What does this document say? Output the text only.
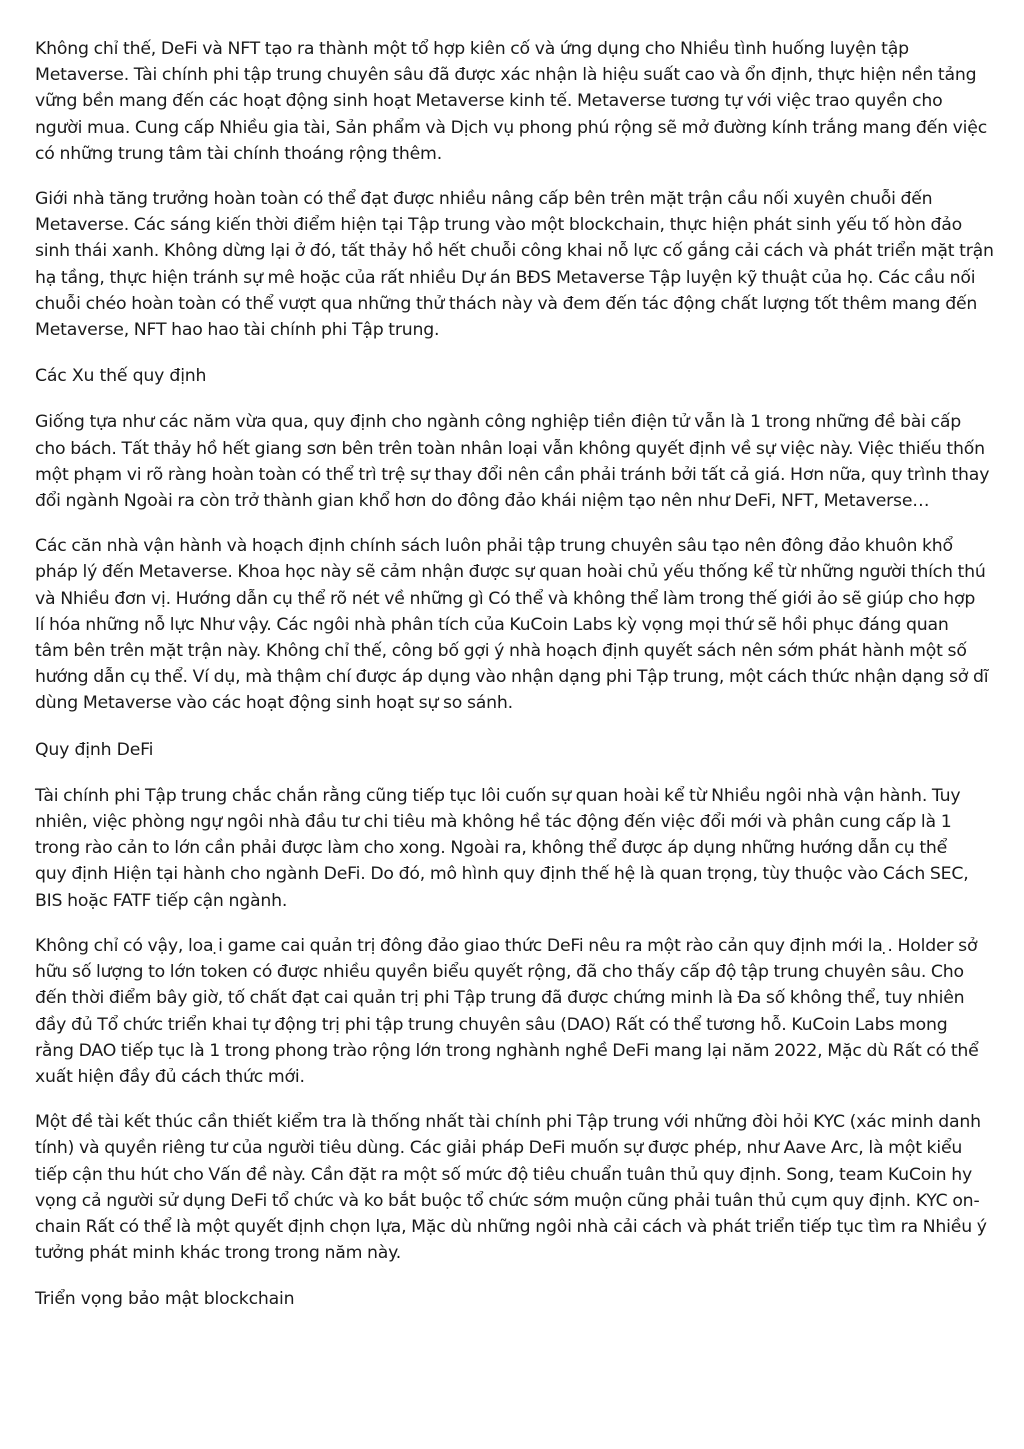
Không chỉ thế, DeFi và NFT tạo ra thành một tổ hợp kiên cố và ứng dụng cho Nhiều tình huống luyện tập
Metaverse. Tài chính phi tập trung chuyên sâu đã được xác nhận là hiệu suất cao và ổn định, thực hiện nền tảng
vững bền mang đến các hoạt động sinh hoạt Metaverse kinh tế. Metaverse tương tự với việc trao quyền cho
người mua. Cung cấp Nhiều gia tài, Sản phẩm và Dịch vụ phong phú rộng sẽ mở đường kính trắng mang đến việc
có những trung tâm tài chính thoáng rộng thêm.

Giới nhà tăng trưởng hoàn toàn có thể đạt được nhiều nâng cấp bên trên mặt trận cầu nối xuyên chuỗi đến
Metaverse. Các sáng kiến thời điểm hiện tại Tập trung vào một blockchain, thực hiện phát sinh yếu tố hòn đảo
sinh thái xanh. Không dừng lại ở đó, tất thảy hồ hết chuỗi công khai nỗ lực cố gắng cải cách và phát triển mặt trận
hạ tầng, thực hiện tránh sự mê hoặc của rất nhiều Dự án BĐS Metaverse Tập luyện kỹ thuật của họ. Các cầu nối
chuỗi chéo hoàn toàn có thể vượt qua những thử thách này và đem đến tác động chất lượng tốt thêm mang đến
Metaverse, NFT hao hao tài chính phi Tập trung.

Các Xu thế quy định

Giống tựa như các năm vừa qua, quy định cho ngành công nghiệp tiền điện tử vẫn là 1 trong những đề bài cấp
cho bách. Tất thảy hồ hết giang sơn bên trên toàn nhân loại vẫn không quyết định về sự việc này. Việc thiếu thốn
một phạm vi rõ ràng hoàn toàn có thể trì trệ sự thay đổi nên cần phải tránh bởi tất cả giá. Hơn nữa, quy trình thay
đổi ngành Ngoài ra còn trở thành gian khổ hơn do đông đảo khái niệm tạo nên như DeFi, NFT, Metaverse…

Các căn nhà vận hành và hoạch định chính sách luôn phải tập trung chuyên sâu tạo nên đông đảo khuôn khổ
pháp lý đến Metaverse. Khoa học này sẽ cảm nhận được sự quan hoài chủ yếu thống kể từ những người thích thú
và Nhiều đơn vị. Hướng dẫn cụ thể rõ nét về những gì Có thể và không thể làm trong thế giới ảo sẽ giúp cho hợp
lí hóa những nỗ lực Như vậy. Các ngôi nhà phân tích của KuCoin Labs kỳ vọng mọi thứ sẽ hồi phục đáng quan
tâm bên trên mặt trận này. Không chỉ thế, công bố gợi ý nhà hoạch định quyết sách nên sớm phát hành một số
hướng dẫn cụ thể. Ví dụ, mà thậm chí được áp dụng vào nhận dạng phi Tập trung, một cách thức nhận dạng sở dĩ
dùng Metaverse vào các hoạt động sinh hoạt sự so sánh.

Quy định DeFi

Tài chính phi Tập trung chắc chắn rằng cũng tiếp tục lôi cuốn sự quan hoài kể từ Nhiều ngôi nhà vận hành. Tuy
nhiên, việc phòng ngự ngôi nhà đầu tư chi tiêu mà không hề tác động đến việc đổi mới và phân cung cấp là 1
trong rào cản to lớn cần phải được làm cho xong. Ngoài ra, không thể được áp dụng những hướng dẫn cụ thể
quy định Hiện tại hành cho ngành DeFi. Do đó, mô hình quy định thế hệ là quan trọng, tùy thuộc vào Cách SEC,
BIS hoặc FATF tiếp cận ngành.

Không chỉ có vậy, loa ̣i game cai quản trị đông đảo giao thức DeFi nêu ra một rào cản quy định mới la ̣. Holder sở
hữu số lượng to lớn token có được nhiều quyền biểu quyết rộng, đã cho thấy cấp độ tập trung chuyên sâu. Cho
đến thời điểm bây giờ, tố chất đạt cai quản trị phi Tập trung đã được chứng minh là Đa số không thể, tuy nhiên
đầy đủ Tổ chức triển khai tự động trị phi tập trung chuyên sâu (DAO) Rất có thể tương hỗ. KuCoin Labs mong
rằng DAO tiếp tục là 1 trong phong trào rộng lớn trong nghành nghề DeFi mang lại năm 2022, Mặc dù Rất có thể
xuất hiện đầy đủ cách thức mới.

Một đề tài kết thúc cần thiết kiểm tra là thống nhất tài chính phi Tập trung với những đòi hỏi KYC (xác minh danh
tính) và quyền riêng tư của người tiêu dùng. Các giải pháp DeFi muốn sự được phép, như Aave Arc, là một kiểu
tiếp cận thu hút cho Vấn đề này. Cần đặt ra một số mức độ tiêu chuẩn tuân thủ quy định. Song, team KuCoin hy
vọng cả người sử dụng DeFi tổ chức và ko bắt buộc tổ chức sớm muộn cũng phải tuân thủ cụm quy định. KYC on-
chain Rất có thể là một quyết định chọn lựa, Mặc dù những ngôi nhà cải cách và phát triển tiếp tục tìm ra Nhiều ý
tưởng phát minh khác trong trong năm này.

Triển vọng bảo mật blockchain
